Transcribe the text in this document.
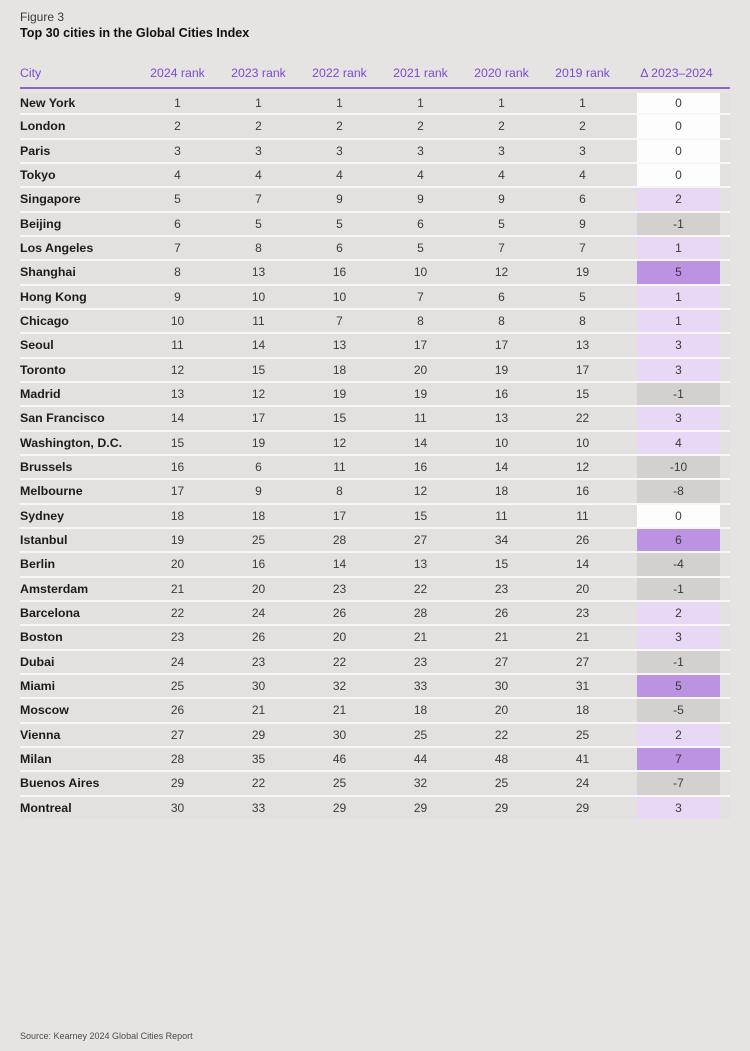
Figure 3
Top 30 cities in the Global Cities Index
City	2024 rank	2023 rank	2022 rank	2021 rank	2020 rank	2019 rank	Δ 2023–2024		
New York	1	1	1	1	1	1		0	

London	2	2	2	2	2	2		0	

Paris	3	3	3	3	3	3		0	

Tokyo	4	4	4	4	4	4		0	

Singapore	5	7	9	9	9	6		2	

Beijing	6	5	5	6	5	9		-1	

Los Angeles	7	8	6	5	7	7		1	

Shanghai	8	13	16	10	12	19		5	

Hong Kong	9	10	10	7	6	5		1	

Chicago	10	11	7	8	8	8		1	

Seoul	11	14	13	17	17	13		3	

Toronto	12	15	18	20	19	17		3	

Madrid	13	12	19	19	16	15		-1	

San Francisco	14	17	15	11	13	22		3	

Washington, D.C.	15	19	12	14	10	10		4	

Brussels	16	6	11	16	14	12		-10	

Melbourne	17	9	8	12	18	16		-8	

Sydney	18	18	17	15	11	11		0	

Istanbul	19	25	28	27	34	26		6	

Berlin	20	16	14	13	15	14		-4	

Amsterdam	21	20	23	22	23	20		-1	

Barcelona	22	24	26	28	26	23		2	

Boston	23	26	20	21	21	21		3	

Dubai	24	23	22	23	27	27		-1	

Miami	25	30	32	33	30	31		5	

Moscow	26	21	21	18	20	18		-5	

Vienna	27	29	30	25	22	25		2	

Milan	28	35	46	44	48	41		7	

Buenos Aires	29	22	25	32	25	24		-7	

Montreal	30	33	29	29	29	29		3	

Source: Kearney 2024 Global Cities Report
